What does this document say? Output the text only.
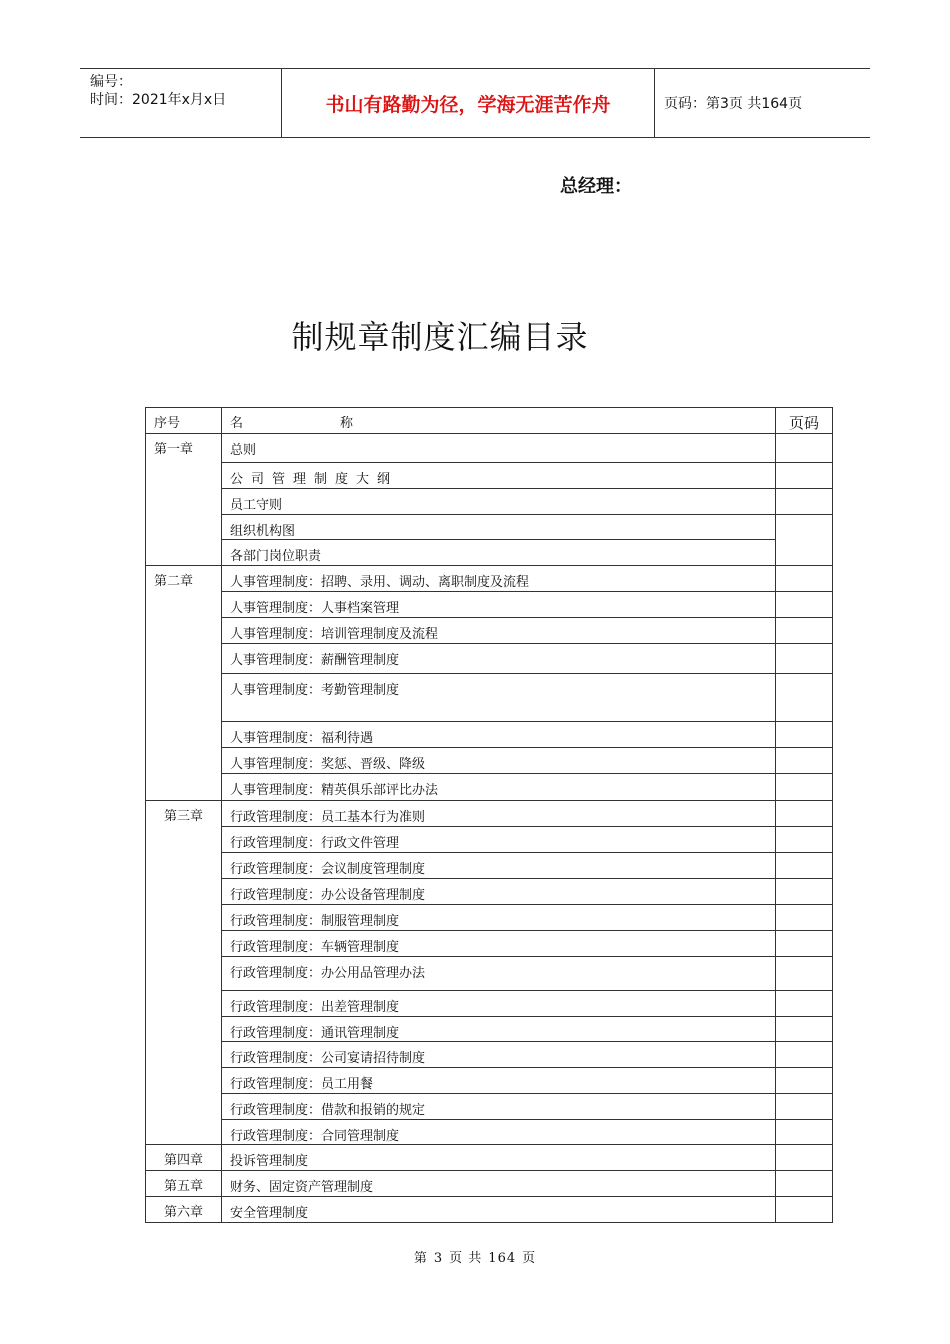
编号：
时间：2021年x月x日	书山有路勤为径，学海无涯苦作舟	页码：第3页 共164页
总经理：
制规章制度汇编目录
序号	名 称	页码
第一章	总则	
	公司管理制度大纲	
	员工守则	
	组织机构图	
	各部门岗位职责	
第二章	人事管理制度：招聘、录用、调动、离职制度及流程	
	人事管理制度：人事档案管理	
	人事管理制度：培训管理制度及流程	
	人事管理制度：薪酬管理制度	
	人事管理制度：考勤管理制度	
	人事管理制度：福利待遇	
	人事管理制度：奖惩、晋级、降级	
	人事管理制度：精英俱乐部评比办法	
第三章	行政管理制度：员工基本行为准则	
	行政管理制度：行政文件管理	
	行政管理制度：会议制度管理制度	
	行政管理制度：办公设备管理制度	
	行政管理制度：制服管理制度	
	行政管理制度：车辆管理制度	
	行政管理制度：办公用品管理办法	
	行政管理制度：出差管理制度	
	行政管理制度：通讯管理制度	
	行政管理制度：公司宴请招待制度	
	行政管理制度：员工用餐	
	行政管理制度：借款和报销的规定	
	行政管理制度：合同管理制度	
第四章	投诉管理制度	
第五章	财务、固定资产管理制度	
第六章	安全管理制度	
第 3 页 共 164 页
